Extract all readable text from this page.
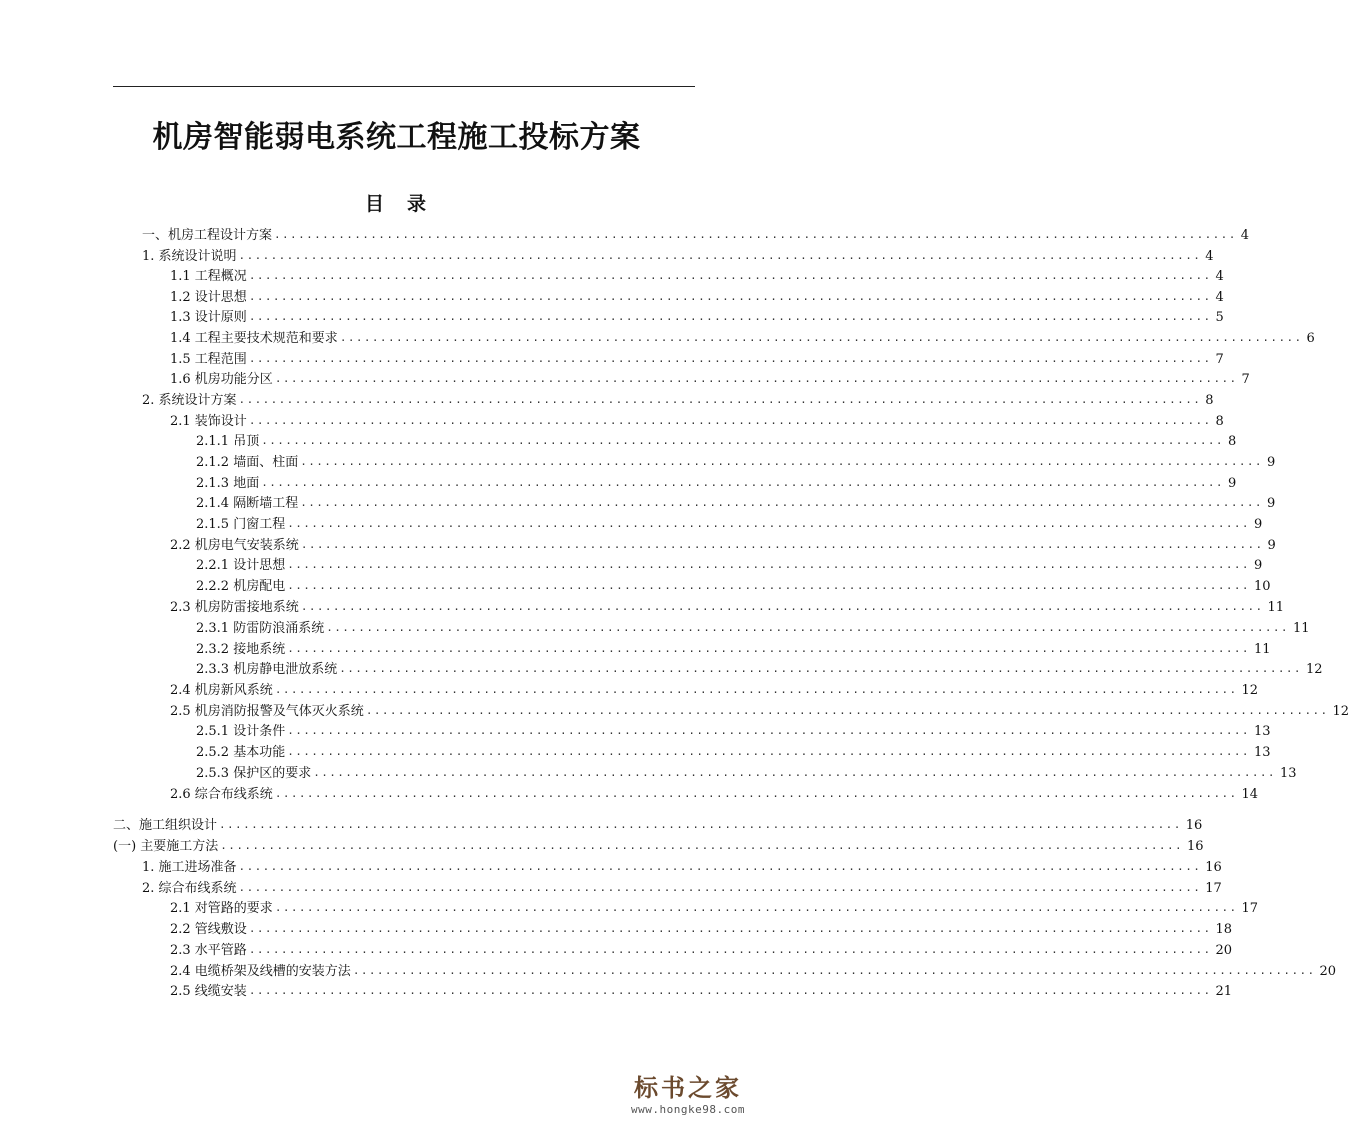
机房智能弱电系统工程施工投标方案
目　录
一、机房工程设计方案 ........................................................................................................................ 4
1. 系统设计说明 ........................................................................................................................ 4
1.1 工程概况 ........................................................................................................................ 4
1.2 设计思想 ........................................................................................................................ 4
1.3 设计原则 ........................................................................................................................ 5
1.4 工程主要技术规范和要求 ........................................................................................................................ 6
1.5 工程范围 ........................................................................................................................ 7
1.6 机房功能分区 ........................................................................................................................ 7
2. 系统设计方案 ........................................................................................................................ 8
2.1 装饰设计 ........................................................................................................................ 8
2.1.1 吊顶 ........................................................................................................................ 8
2.1.2 墙面、柱面 ........................................................................................................................ 9
2.1.3 地面 ........................................................................................................................ 9
2.1.4 隔断墙工程 ........................................................................................................................ 9
2.1.5 门窗工程 ........................................................................................................................ 9
2.2 机房电气安装系统 ........................................................................................................................ 9
2.2.1 设计思想 ........................................................................................................................ 9
2.2.2 机房配电 ........................................................................................................................ 10
2.3 机房防雷接地系统 ........................................................................................................................ 11
2.3.1 防雷防浪涌系统 ........................................................................................................................ 11
2.3.2 接地系统 ........................................................................................................................ 11
2.3.3 机房静电泄放系统 ........................................................................................................................ 12
2.4 机房新风系统 ........................................................................................................................ 12
2.5 机房消防报警及气体灭火系统 ........................................................................................................................ 12
2.5.1 设计条件 ........................................................................................................................ 13
2.5.2 基本功能 ........................................................................................................................ 13
2.5.3 保护区的要求 ........................................................................................................................ 13
2.6 综合布线系统 ........................................................................................................................ 14
二、施工组织设计 ........................................................................................................................ 16
(一) 主要施工方法 ........................................................................................................................ 16
1. 施工进场准备 ........................................................................................................................ 16
2. 综合布线系统 ........................................................................................................................ 17
2.1 对管路的要求 ........................................................................................................................ 17
2.2 管线敷设 ........................................................................................................................ 18
2.3 水平管路 ........................................................................................................................ 20
2.4 电缆桥架及线槽的安装方法 ........................................................................................................................ 20
2.5 线缆安装 ........................................................................................................................ 21
标书之家
www.hongke98.com
